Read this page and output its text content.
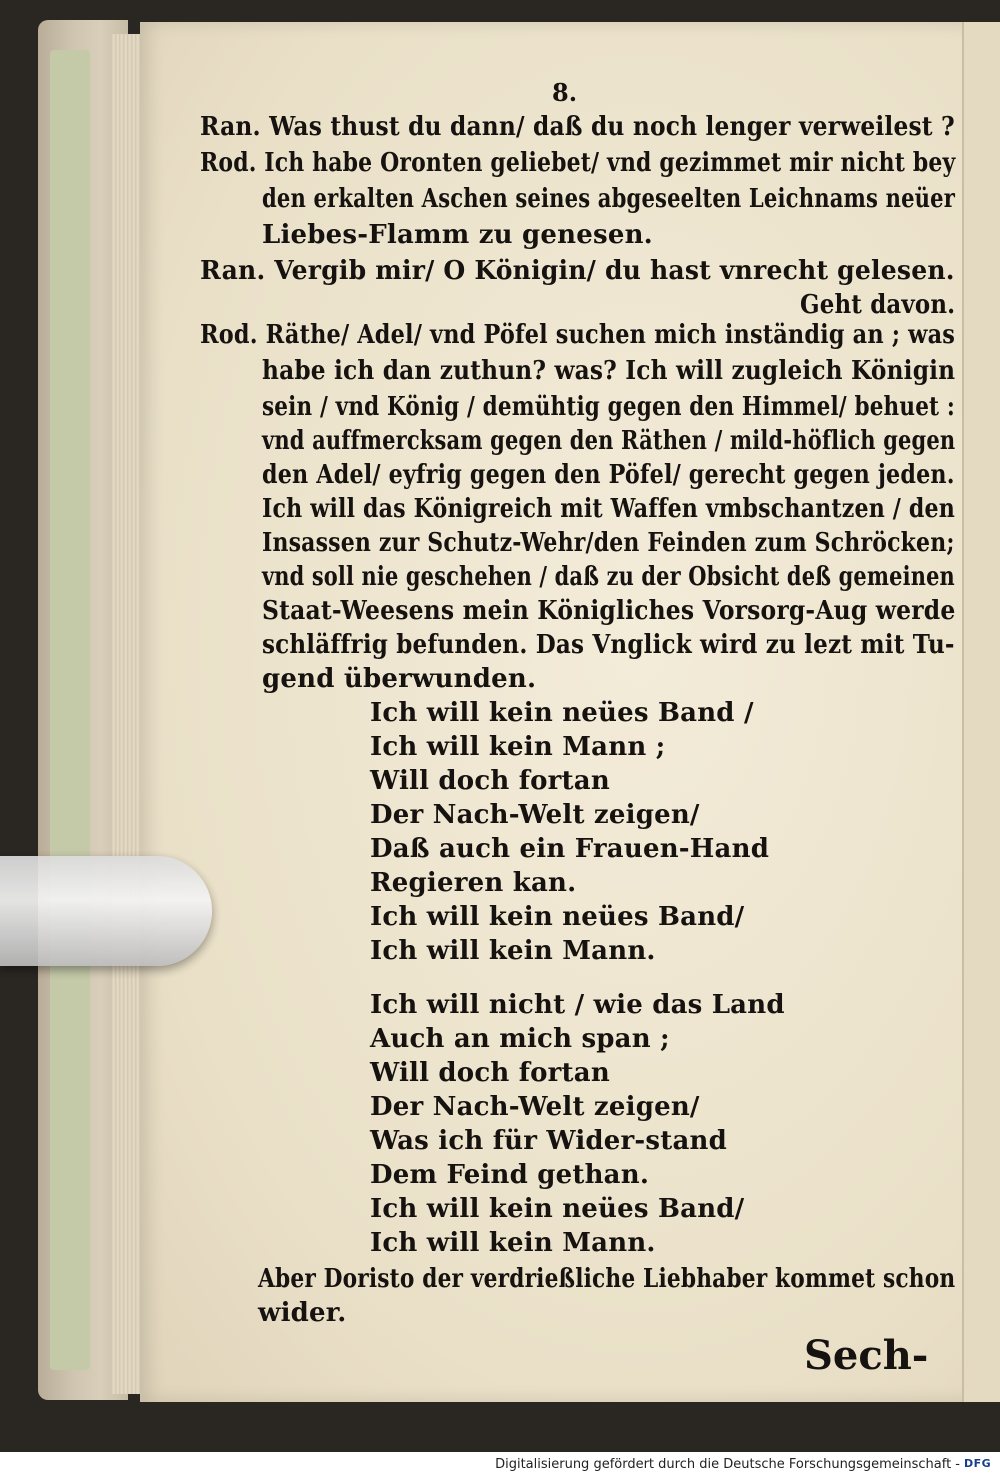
8.
Ran. Was thust du dann/ daß du noch lenger verweilest ?
Rod. Ich habe Oronten geliebet/ vnd gezimmet mir nicht bey
den erkalten Aschen seines abgeseelten Leichnams neüer
Liebes-Flamm zu genesen.
Ran. Vergib mir/ O Königin/ du hast vnrecht gelesen.
Geht davon.
Rod. Räthe/ Adel/ vnd Pöfel suchen mich inständig an ; was
habe ich dan zuthun? was? Ich will zugleich Königin
sein / vnd König / demühtig gegen den Himmel/ behuet :
vnd auffmercksam gegen den Räthen / mild-höflich gegen
den Adel/ eyfrig gegen den Pöfel/ gerecht gegen jeden.
Ich will das Königreich mit Waffen vmbschantzen / den
Insassen zur Schutz-Wehr/den Feinden zum Schröcken;
vnd soll nie geschehen / daß zu der Obsicht deß gemeinen
Staat-Weesens mein Königliches Vorsorg-Aug werde
schläffrig befunden. Das Vnglick wird zu lezt mit Tu-
gend überwunden.
Ich will kein neües Band /
Ich will kein Mann ;
Will doch fortan
Der Nach-Welt zeigen/
Daß auch ein Frauen-Hand
Regieren kan.
Ich will kein neües Band/
Ich will kein Mann.
Ich will nicht / wie das Land
Auch an mich span ;
Will doch fortan
Der Nach-Welt zeigen/
Was ich für Wider-stand
Dem Feind gethan.
Ich will kein neües Band/
Ich will kein Mann.
Aber Doristo der verdrießliche Liebhaber kommet schon
wider.
Sech-
Digitalisierung gefördert durch die Deutsche Forschungsgemeinschaft - DFG
